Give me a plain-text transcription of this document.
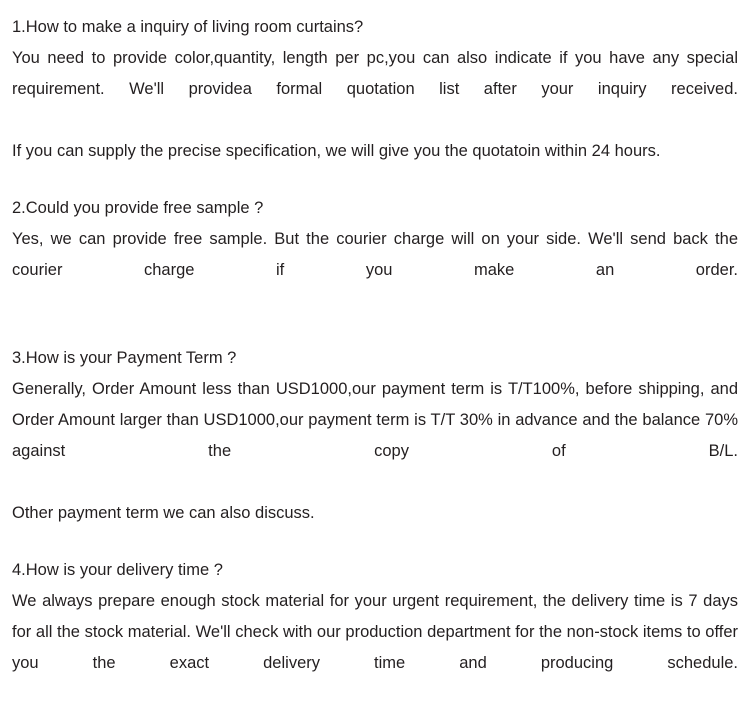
1.How to make a inquiry of living room curtains?
You need to provide color,quantity, length per pc,you can also indicate if you have any special requirement. We'll providea formal quotation list after your inquiry received.
If you can supply the precise specification, we will give you the quotatoin within 24 hours.
2.Could you provide free sample ?
Yes, we can provide free sample. But the courier charge will on your side. We'll send back the courier charge if you make an order.
3.How is your Payment Term ?
Generally, Order Amount less than USD1000,our payment term is T/T100%, before shipping, and Order Amount larger than USD1000,our payment term is T/T 30% in advance and the balance 70% against the copy of B/L.
Other payment term we can also discuss.
4.How is your delivery time ?
We always prepare enough stock material for your urgent requirement, the delivery time is 7 days for all the stock material. We'll check with our production department for the non-stock items to offer you the exact delivery time and producing schedule.
